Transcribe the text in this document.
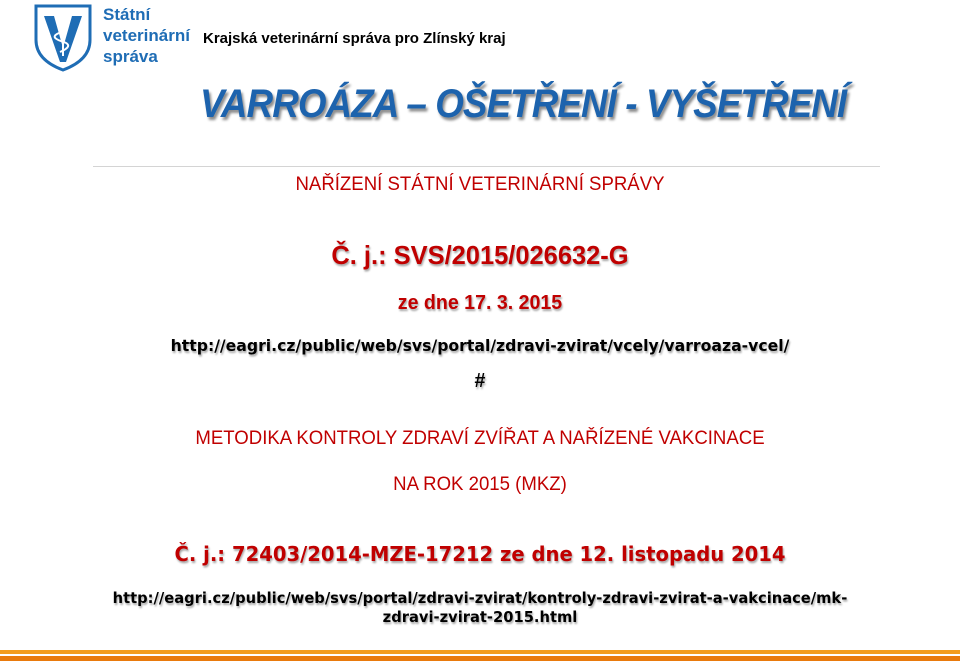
Státní
veterinární
správa
Krajská veterinární správa pro Zlínský kraj
VARROÁZA – OŠETŘENÍ - VYŠETŘENÍ
NAŘÍZENÍ STÁTNÍ VETERINÁRNÍ SPRÁVY
Č. j.: SVS/2015/026632-G
ze dne 17. 3. 2015
http://eagri.cz/public/web/svs/portal/zdravi-zvirat/vcely/varroaza-vcel/
#
METODIKA KONTROLY ZDRAVÍ ZVÍŘAT A NAŘÍZENÉ VAKCINACE
NA ROK 2015 (MKZ)
Č. j.: 72403/2014-MZE-17212 ze dne 12. listopadu 2014
http://eagri.cz/public/web/svs/portal/zdravi-zvirat/kontroly-zdravi-zvirat-a-vakcinace/mk-
zdravi-zvirat-2015.html
